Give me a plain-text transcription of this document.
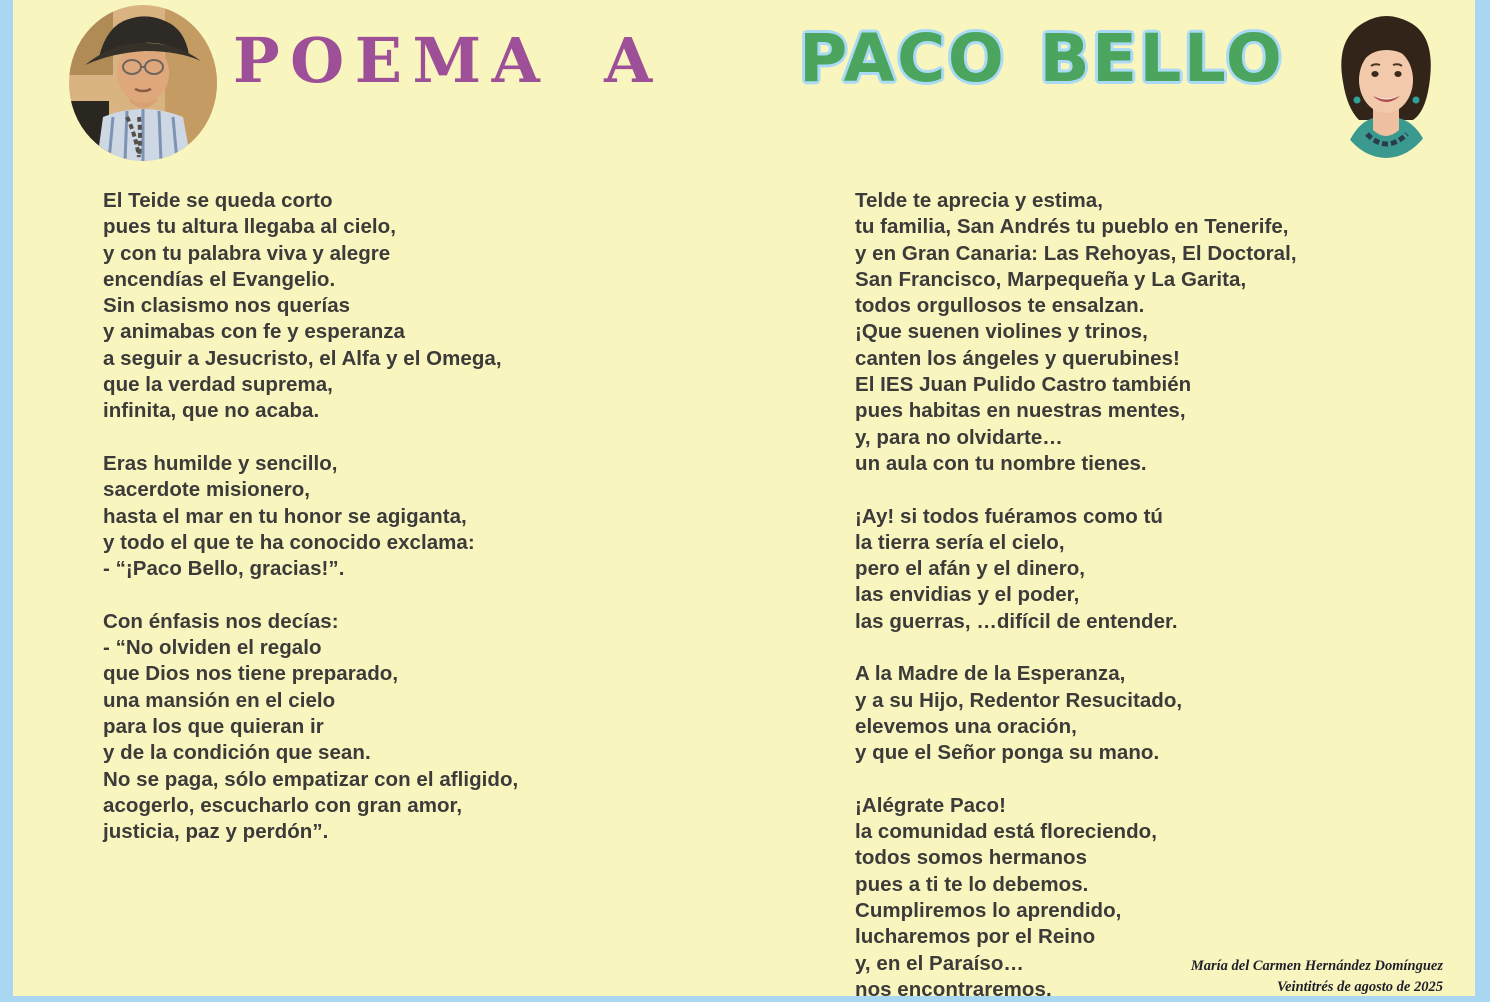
POEMA A PACO BELLO
El Teide se queda corto
pues tu altura llegaba al cielo,
y con tu palabra viva y alegre
encendías el Evangelio.
Sin clasismo nos querías
y animabas con fe y esperanza
a seguir a Jesucristo, el Alfa y el Omega,
que la verdad suprema,
infinita, que no acaba.
Eras humilde y sencillo,
sacerdote misionero,
hasta el mar en tu honor se agiganta,
y todo el que te ha conocido exclama:
- “¡Paco Bello, gracias!”.
Con énfasis nos decías:
- “No olviden el regalo
que Dios nos tiene preparado,
una mansión en el cielo
para los que quieran ir
y de la condición que sean.
No se paga, sólo empatizar con el afligido,
acogerlo, escucharlo con gran amor,
justicia, paz y perdón”.
Telde te aprecia y estima,
tu familia, San Andrés tu pueblo en Tenerife,
y en Gran Canaria: Las Rehoyas, El Doctoral,
San Francisco, Marpequeña y La Garita,
todos orgullosos te ensalzan.
¡Que suenen violines y trinos,
canten los ángeles y querubines!
El IES Juan Pulido Castro también
pues habitas en nuestras mentes,
y, para no olvidarte…
un aula con tu nombre tienes.
¡Ay! si todos fuéramos como tú
la tierra sería el cielo,
pero el afán y el dinero,
las envidias y el poder,
las guerras, …difícil de entender.
A la Madre de la Esperanza,
y a su Hijo, Redentor Resucitado,
elevemos una oración,
y que el Señor ponga su mano.
¡Alégrate Paco!
la comunidad está floreciendo,
todos somos hermanos
pues a ti te lo debemos.
Cumpliremos lo aprendido,
lucharemos por el Reino
y, en el Paraíso…
nos encontraremos.
María del Carmen Hernández Domínguez
Veintitrés de agosto de 2025
